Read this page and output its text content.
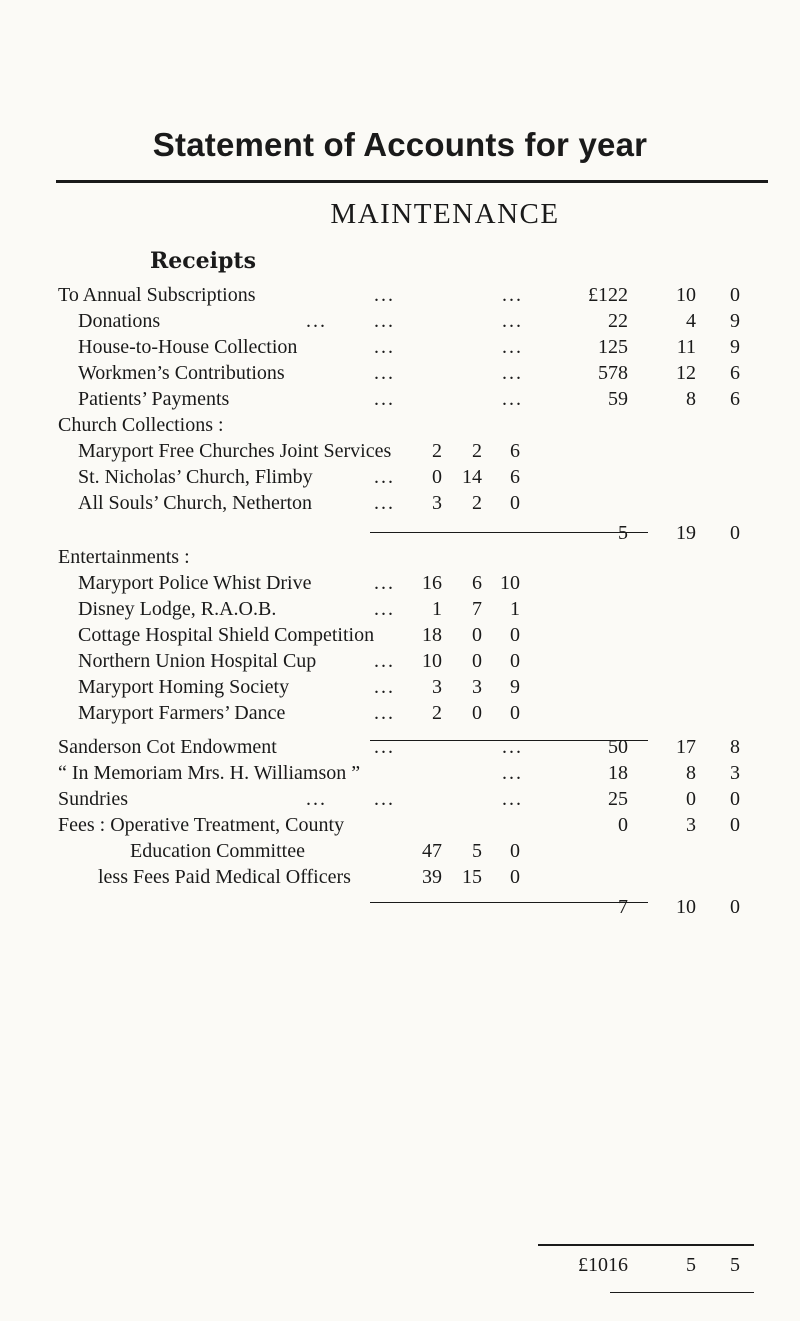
Statement of Accounts for year
MAINTENANCE
Receipts
To Annual Subscriptions	...	...	£122	10	0
Donations	... ...	...	22	4	9
House-to-House Collection	...	...	125	11	9
Workmen’s Contributions	...	...	578	12	6
Patients’ Payments	...	...	59	8	6
Church Collections :
Maryport Free Churches Joint Services	2	2	6
St. Nicholas’ Church, Flimby	...	0	14	6
All Souls’ Church, Netherton	...	3	2	0
5	19	0
Entertainments :
Maryport Police Whist Drive	...	16	6 10
Disney Lodge, R.A.O.B.	...	1	7	1
Cottage Hospital Shield Competition	18	0	0
Northern Union Hospital Cup	...	10	0	0
Maryport Homing Society	...	3	3	9
Maryport Farmers’ Dance	...	2	0	0
Sanderson Cot Endowment	...	...	50	17	8
“ In Memoriam Mrs. H. Williamson ”	...	18	8	3
Sundries	... ...	...	25	0	0
Fees : Operative Treatment, County	0	3	0
Education Committee	47	5	0
less Fees Paid Medical Officers	39	15	0
7	10	0
£1016	5	5
